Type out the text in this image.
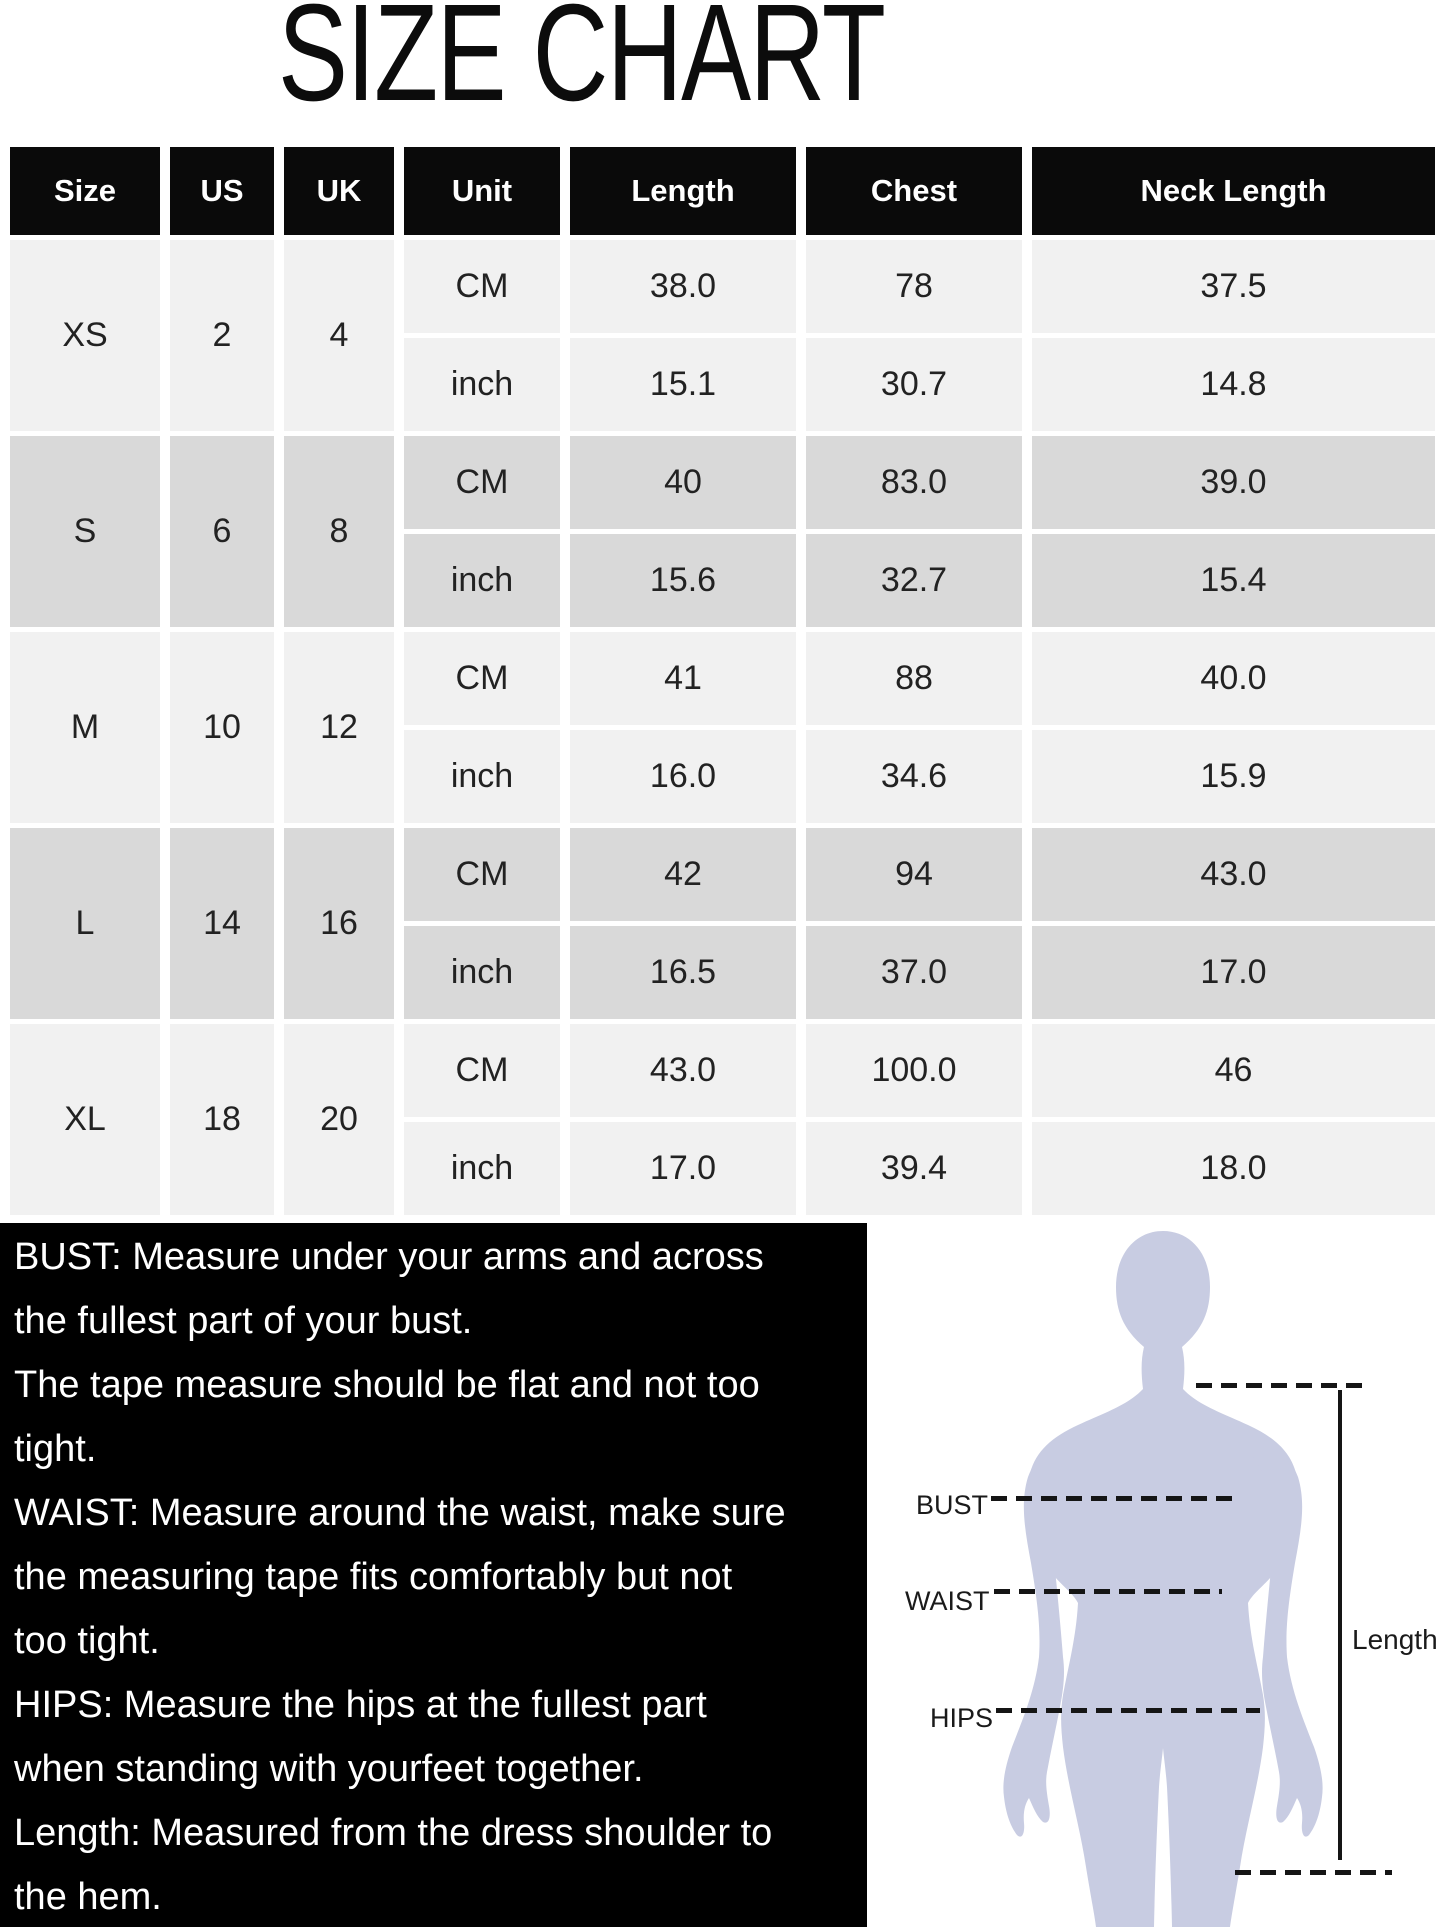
SIZE CHART
Size	US	UK	Unit	Length	Chest	Neck Length
XS	2	4	CM	38.0	78	37.5
			inch	15.1	30.7	14.8
S	6	8	CM	40	83.0	39.0
			inch	15.6	32.7	15.4
M	10	12	CM	41	88	40.0
			inch	16.0	34.6	15.9
L	14	16	CM	42	94	43.0
			inch	16.5	37.0	17.0
XL	18	20	CM	43.0	100.0	46
			inch	17.0	39.4	18.0
BUST: Measure under your arms and across
the fullest part of your bust.
The tape measure should be flat and not too
tight.
WAIST: Measure around the waist, make sure
the measuring tape fits comfortably but not
too tight.
HIPS: Measure the hips at the fullest part
when standing with yourfeet together.
Length: Measured from the dress shoulder to
the hem.
BUST
WAIST
HIPS
Length
